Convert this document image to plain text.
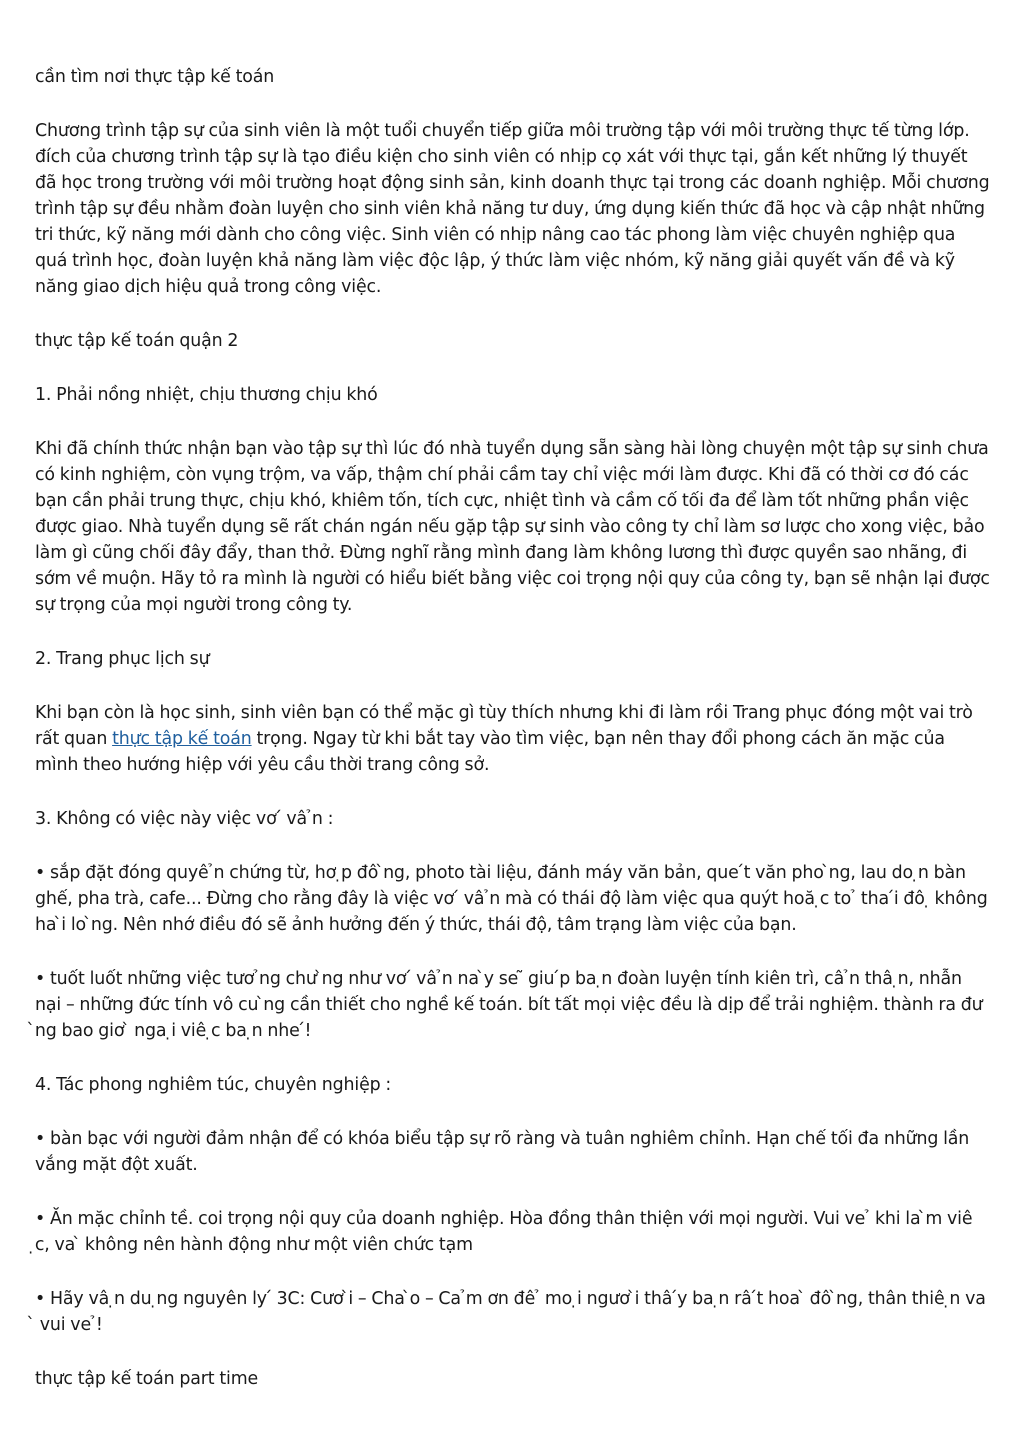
cần tìm nơi thực tập kế toán

Chương trình tập sự của sinh viên là một tuổi chuyển tiếp giữa môi trường tập với môi trường thực tế từng lớp. đích của chương trình tập sự là tạo điều kiện cho sinh viên có nhịp cọ xát với thực tại, gắn kết những lý thuyết đã học trong trường với môi trường hoạt động sinh sản, kinh doanh thực tại trong các doanh nghiệp. Mỗi chương trình tập sự đều nhằm đoàn luyện cho sinh viên khả năng tư duy, ứng dụng kiến thức đã học và cập nhật những tri thức, kỹ năng mới dành cho công việc. Sinh viên có nhịp nâng cao tác phong làm việc chuyên nghiệp qua quá trình học, đoàn luyện khả năng làm việc độc lập, ý thức làm việc nhóm, kỹ năng giải quyết vấn đề và kỹ năng giao dịch hiệu quả trong công việc.

thực tập kế toán quận 2

1. Phải nồng nhiệt, chịu thương chịu khó

Khi đã chính thức nhận bạn vào tập sự thì lúc đó nhà tuyển dụng sẵn sàng hài lòng chuyện một tập sự sinh chưa có kinh nghiệm, còn vụng trộm, va vấp, thậm chí phải cầm tay chỉ việc mới làm được. Khi đã có thời cơ đó các bạn cần phải trung thực, chịu khó, khiêm tốn, tích cực, nhiệt tình và cầm cố tối đa để làm tốt những phần việc được giao. Nhà tuyển dụng sẽ rất chán ngán nếu gặp tập sự sinh vào công ty chỉ làm sơ lược cho xong việc, bảo làm gì cũng chối đây đẩy, than thở. Đừng nghĩ rằng mình đang làm không lương thì được quyền sao nhãng, đi sớm về muộn. Hãy tỏ ra mình là người có hiểu biết bằng việc coi trọng nội quy của công ty, bạn sẽ nhận lại được sự trọng của mọi người trong công ty.

2. Trang phục lịch sự

Khi bạn còn là học sinh, sinh viên bạn có thể mặc gì tùy thích nhưng khi đi làm rồi Trang phục đóng một vai trò rất quan thực tập kế toán trọng. Ngay từ khi bắt tay vào tìm việc, bạn nên thay đổi phong cách ăn mặc của mình theo hướng hiệp với yêu cầu thời trang công sở.

3. Không có việc này việc vơ ́ vâ ̉n :

• sắp đặt đóng quyê ̉n chứng từ, hơ ̣p đô ̀ng, photo tài liệu, đánh máy văn bản, que ́t văn pho ̀ng, lau do ̣n bàn ghế, pha trà, cafe... Đừng cho rằng đây là việc vơ ́ vâ ̉n mà có thái độ làm việc qua quýt hoă ̣c to ̉ tha ́i đô ̣ không ha ̀i lo ̀ng. Nên nhớ điều đó sẽ ảnh hưởng đến ý thức, thái độ, tâm trạng làm việc của bạn.

• tuốt luốt những việc tươ ̉ng chư ̀ng như vơ ́ vâ ̉n na ̀y se ̃ giu ́p ba ̣n đoàn luyện tính kiên trì, câ ̉n thâ ̣n, nhẫn nại – những đức tính vô cu ̀ng cần thiết cho nghề kế toán. bít tất mọi việc đều là dịp để trải nghiệm. thành ra đư ̀ng bao giơ ̀ nga ̣i viê ̣c ba ̣n nhe ́!

4. Tác phong nghiêm túc, chuyên nghiệp :

• bàn bạc với người đảm nhận để có khóa biểu tập sự rõ ràng và tuân nghiêm chỉnh. Hạn chế tối đa những lần vắng mặt đột xuất.

• Ăn mặc chỉnh tề. coi trọng nội quy của doanh nghiệp. Hòa đồng thân thiện với mọi người. Vui ve ̉ khi la ̀m viê ̣c, va ̀ không nên hành động như một viên chức tạm

• Hãy vâ ̣n du ̣ng nguyên ly ́ 3C: Cươ ̀i – Cha ̀o – Ca ̉m ơn đê ̉ mo ̣i ngươ ̀i thâ ́y ba ̣n râ ́t hoa ̀ đô ̀ng, thân thiê ̣n va ̀ vui ve ̉!

thực tập kế toán part time
